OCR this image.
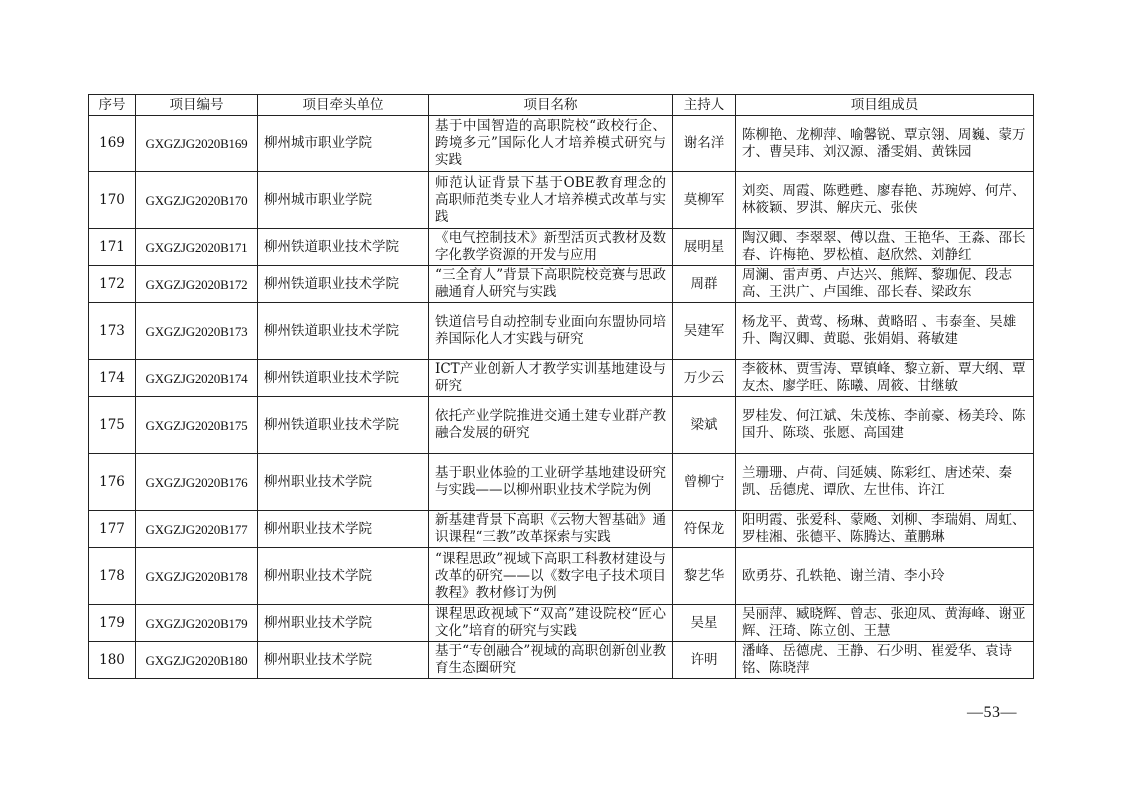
序号	项目编号	项目牵头单位	项目名称	主持人	项目组成员
169	GXGZJG2020B169	柳州城市职业学院	基于中国智造的高职院校“政校行企、跨境多元”国际化人才培养模式研究与实践	谢名洋	陈柳艳、龙柳萍、喻馨锐、覃京翎、周巍、蒙万才、曹吴玮、刘汉源、潘雯娟、黄铢园
170	GXGZJG2020B170	柳州城市职业学院	师范认证背景下基于OBE教育理念的高职师范类专业人才培养模式改革与实践	莫柳军	刘奕、周霞、陈甦甦、廖春艳、苏琬婷、何芹、林筱颖、罗淇、解庆元、张侠
171	GXGZJG2020B171	柳州铁道职业技术学院	《电气控制技术》新型活页式教材及数字化教学资源的开发与应用	展明星	陶汉卿、李翠翠、傅以盘、王艳华、王淼、邵长春、许梅艳、罗松植、赵欣然、刘静红
172	GXGZJG2020B172	柳州铁道职业技术学院	“三全育人”背景下高职院校竞赛与思政融通育人研究与实践	周群	周澜、雷声勇、卢达兴、熊辉、黎珈伲、段志高、王洪广、卢国维、邵长春、梁政东
173	GXGZJG2020B173	柳州铁道职业技术学院	铁道信号自动控制专业面向东盟协同培养国际化人才实践与研究	吴建军	杨龙平、黄莺、杨琳、黄略昭 、韦泰奎、吴雄升、陶汉卿、黄聪、张娟娟、蒋敏建
174	GXGZJG2020B174	柳州铁道职业技术学院	ICT产业创新人才教学实训基地建设与研究	万少云	李筱林、贾雪涛、覃镇峰、黎立新、覃大纲、覃友杰、廖学旺、陈曦、周筱、甘继敏
175	GXGZJG2020B175	柳州铁道职业技术学院	依托产业学院推进交通土建专业群产教融合发展的研究	梁斌	罗桂发、何江斌、朱茂栋、李前豪、杨美玲、陈国升、陈琰、张愿、高国建
176	GXGZJG2020B176	柳州职业技术学院	基于职业体验的工业研学基地建设研究与实践——以柳州职业技术学院为例	曾柳宁	兰珊珊、卢荷、闫延姨、陈彩红、唐述荣、秦凯、岳德虎、谭欣、左世伟、许江
177	GXGZJG2020B177	柳州职业技术学院	新基建背景下高职《云物大智基础》通识课程“三教”改革探索与实践	符保龙	阳明霞、张爱科、蒙飏、刘柳、李瑞娟、周虹、罗桂湘、张德平、陈腾达、董鹏琳
178	GXGZJG2020B178	柳州职业技术学院	“课程思政”视域下高职工科教材建设与改革的研究——以《数字电子技术项目教程》教材修订为例	黎艺华	欧勇芬、孔轶艳、谢兰清、李小玲
179	GXGZJG2020B179	柳州职业技术学院	课程思政视域下“双高”建设院校“匠心文化”培育的研究与实践	吴星	吴丽萍、臧晓辉、曾志、张迎凤、黄海峰、谢亚辉、汪琦、陈立创、王慧
180	GXGZJG2020B180	柳州职业技术学院	基于“专创融合”视域的高职创新创业教育生态圈研究	许明	潘峰、岳德虎、王静、石少明、崔爱华、袁诗铭、陈晓萍
—53—
